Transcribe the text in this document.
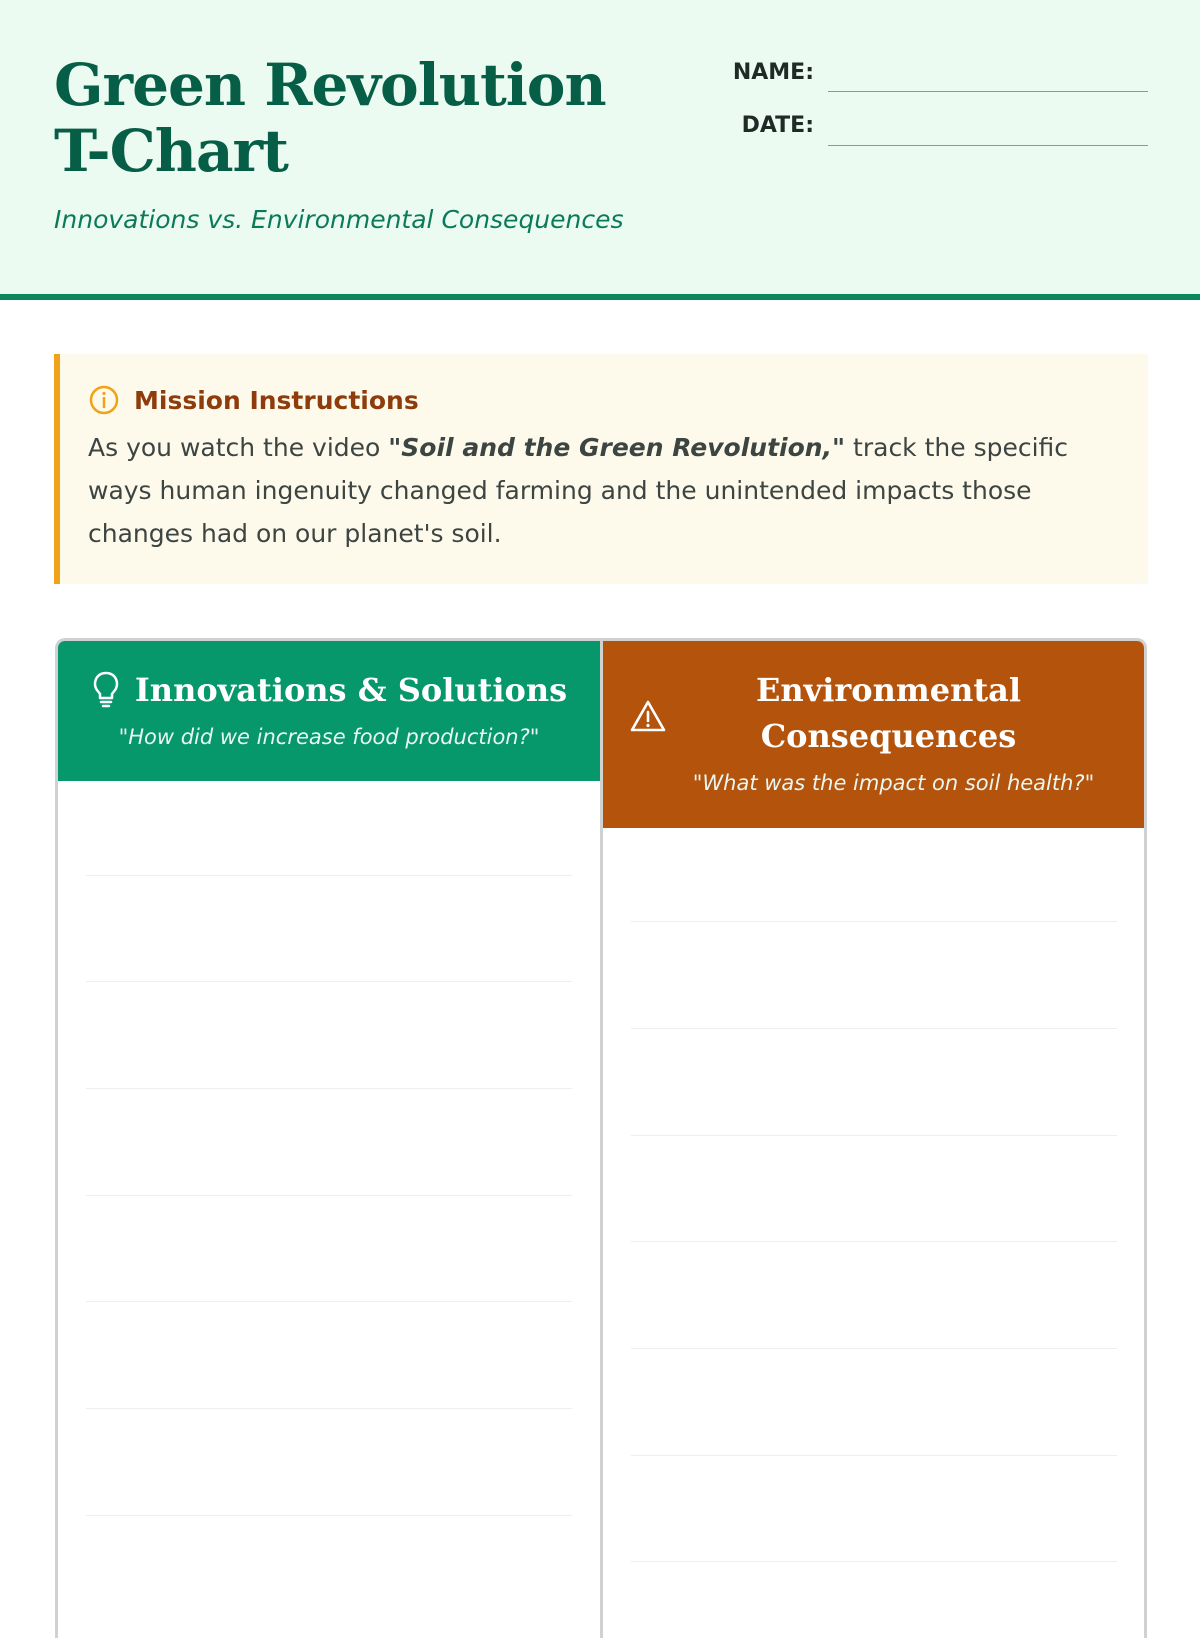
Green Revolution T-Chart
Innovations vs. Environmental Consequences
NAME:
DATE:
Mission Instructions
As you watch the video "Soil and the Green Revolution," track the specific ways human ingenuity changed farming and the unintended impacts those changes had on our planet's soil.
Innovations & Solutions
"How did we increase food production?"
Environmental Consequences
"What was the impact on soil health?"
